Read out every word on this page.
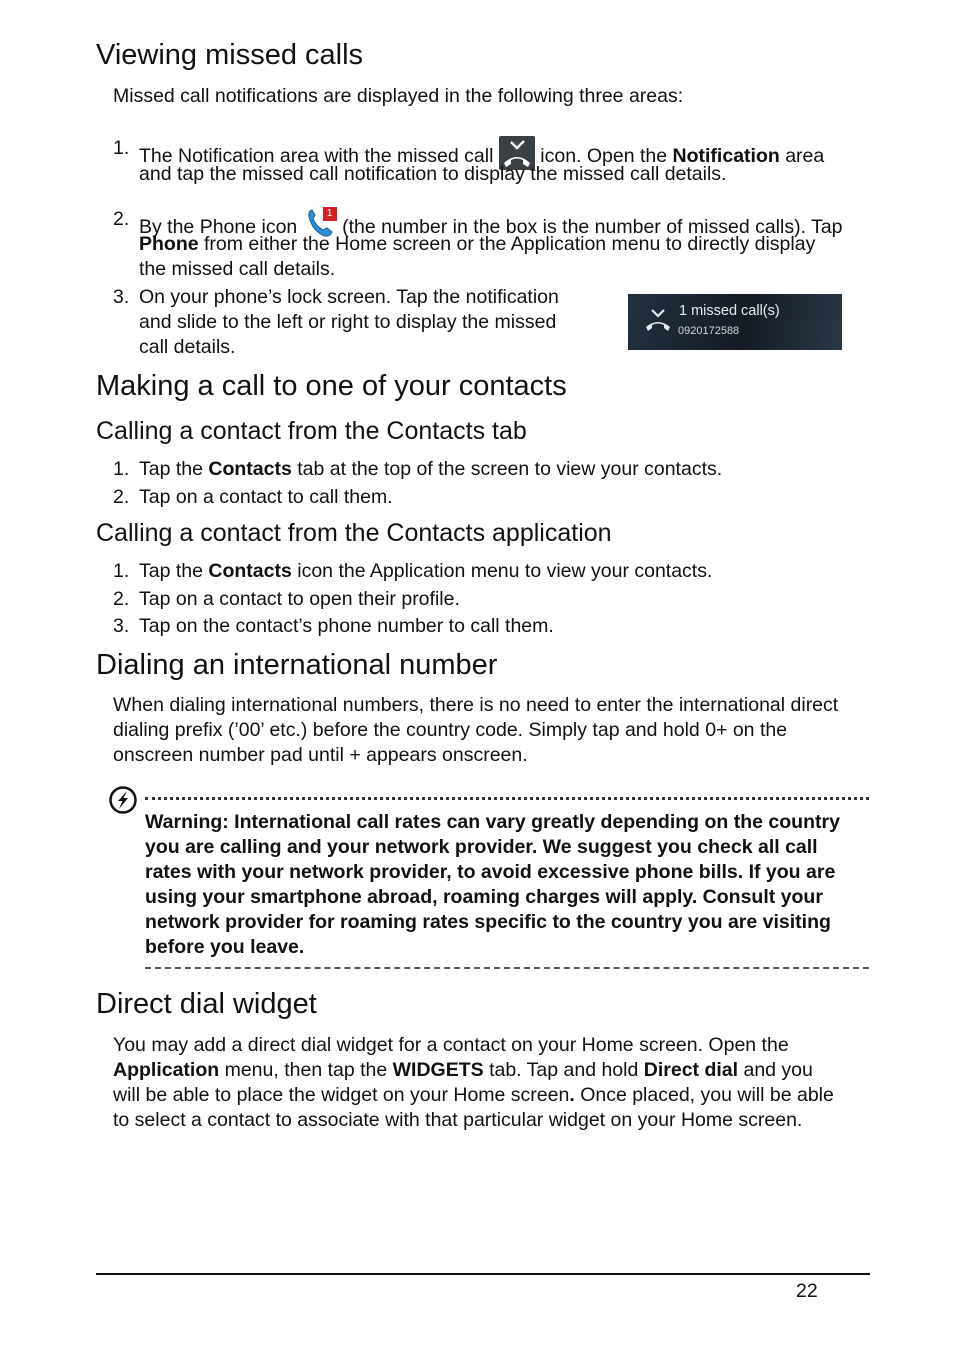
Viewing missed calls
Missed call notifications are displayed in the following three areas:
1. The Notification area with the missed call icon. Open the Notification area
and tap the missed call notification to display the missed call details.
2. By the Phone icon
1
(the number in the box is the number of missed calls). Tap
Phone from either the Home screen or the Application menu to directly display
the missed call details.
3. On your phone’s lock screen. Tap the notification
and slide to the left or right to display the missed
call details.
1 missed call(s)
0920172588
Making a call to one of your contacts
Calling a contact from the Contacts tab
1. Tap the Contacts tab at the top of the screen to view your contacts.
2. Tap on a contact to call them.
Calling a contact from the Contacts application
1. Tap the Contacts icon the Application menu to view your contacts.
2. Tap on a contact to open their profile.
3. Tap on the contact’s phone number to call them.
Dialing an international number
When dialing international numbers, there is no need to enter the international direct
dialing prefix (’00’ etc.) before the country code. Simply tap and hold 0+ on the
onscreen number pad until + appears onscreen.
Warning: International call rates can vary greatly depending on the country
you are calling and your network provider. We suggest you check all call
rates with your network provider, to avoid excessive phone bills. If you are
using your smartphone abroad, roaming charges will apply. Consult your
network provider for roaming rates specific to the country you are visiting
before you leave.
Direct dial widget
You may add a direct dial widget for a contact on your Home screen. Open the
Application menu, then tap the WIDGETS tab. Tap and hold Direct dial and you
will be able to place the widget on your Home screen. Once placed, you will be able
to select a contact to associate with that particular widget on your Home screen.
22
